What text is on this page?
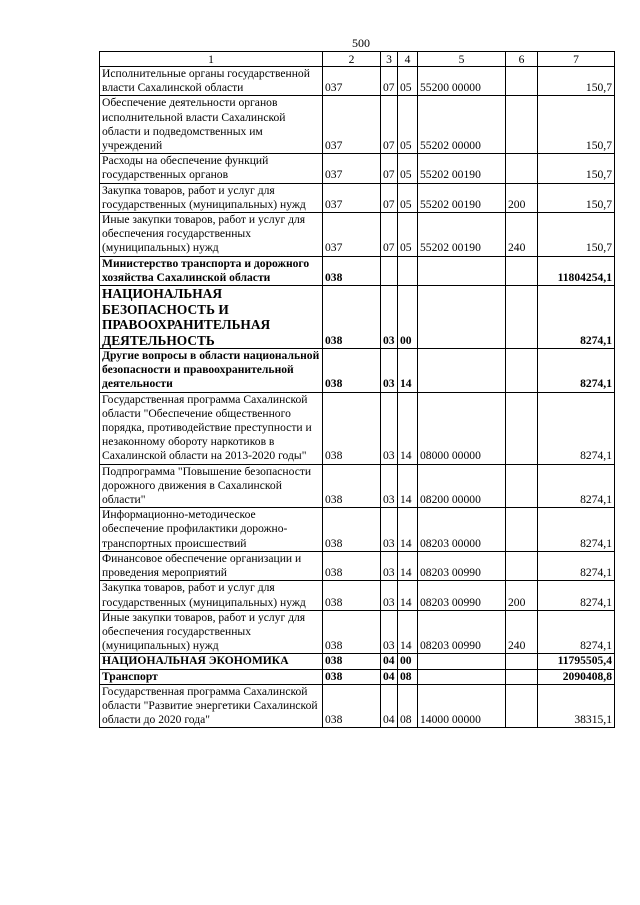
500
1	2	3	4	5	6	7
Исполнительные органы государственной власти Сахалинской области	037	07	05	55200 00000		150,7
Обеспечение деятельности органов исполнительной власти Сахалинской области и подведомственных им учреждений	037	07	05	55202 00000		150,7
Расходы на обеспечение функций государственных органов	037	07	05	55202 00190		150,7
Закупка товаров, работ и услуг для государственных (муниципальных) нужд	037	07	05	55202 00190	200	150,7
Иные закупки товаров, работ и услуг для обеспечения государственных (муниципальных) нужд	037	07	05	55202 00190	240	150,7
Министерство транспорта и дорожного хозяйства Сахалинской области	038					11804254,1
НАЦИОНАЛЬНАЯ БЕЗОПАСНОСТЬ И ПРАВООХРАНИТЕЛЬНАЯ ДЕЯТЕЛЬНОСТЬ	038	03	00			8274,1
Другие вопросы в области национальной безопасности и правоохранительной деятельности	038	03	14			8274,1
Государственная программа Сахалинской области "Обеспечение общественного порядка, противодействие преступности и незаконному обороту наркотиков в Сахалинской области на 2013-2020 годы"	038	03	14	08000 00000		8274,1
Подпрограмма "Повышение безопасности дорожного движения в Сахалинской области"	038	03	14	08200 00000		8274,1
Информационно-методическое обеспечение профилактики дорожно-транспортных происшествий	038	03	14	08203 00000		8274,1
Финансовое обеспечение организации и проведения мероприятий	038	03	14	08203 00990		8274,1
Закупка товаров, работ и услуг для государственных (муниципальных) нужд	038	03	14	08203 00990	200	8274,1
Иные закупки товаров, работ и услуг для обеспечения государственных (муниципальных) нужд	038	03	14	08203 00990	240	8274,1
НАЦИОНАЛЬНАЯ ЭКОНОМИКА	038	04	00			11795505,4
Транспорт	038	04	08			2090408,8
Государственная программа Сахалинской области "Развитие энергетики Сахалинской области до 2020 года"	038	04	08	14000 00000		38315,1
